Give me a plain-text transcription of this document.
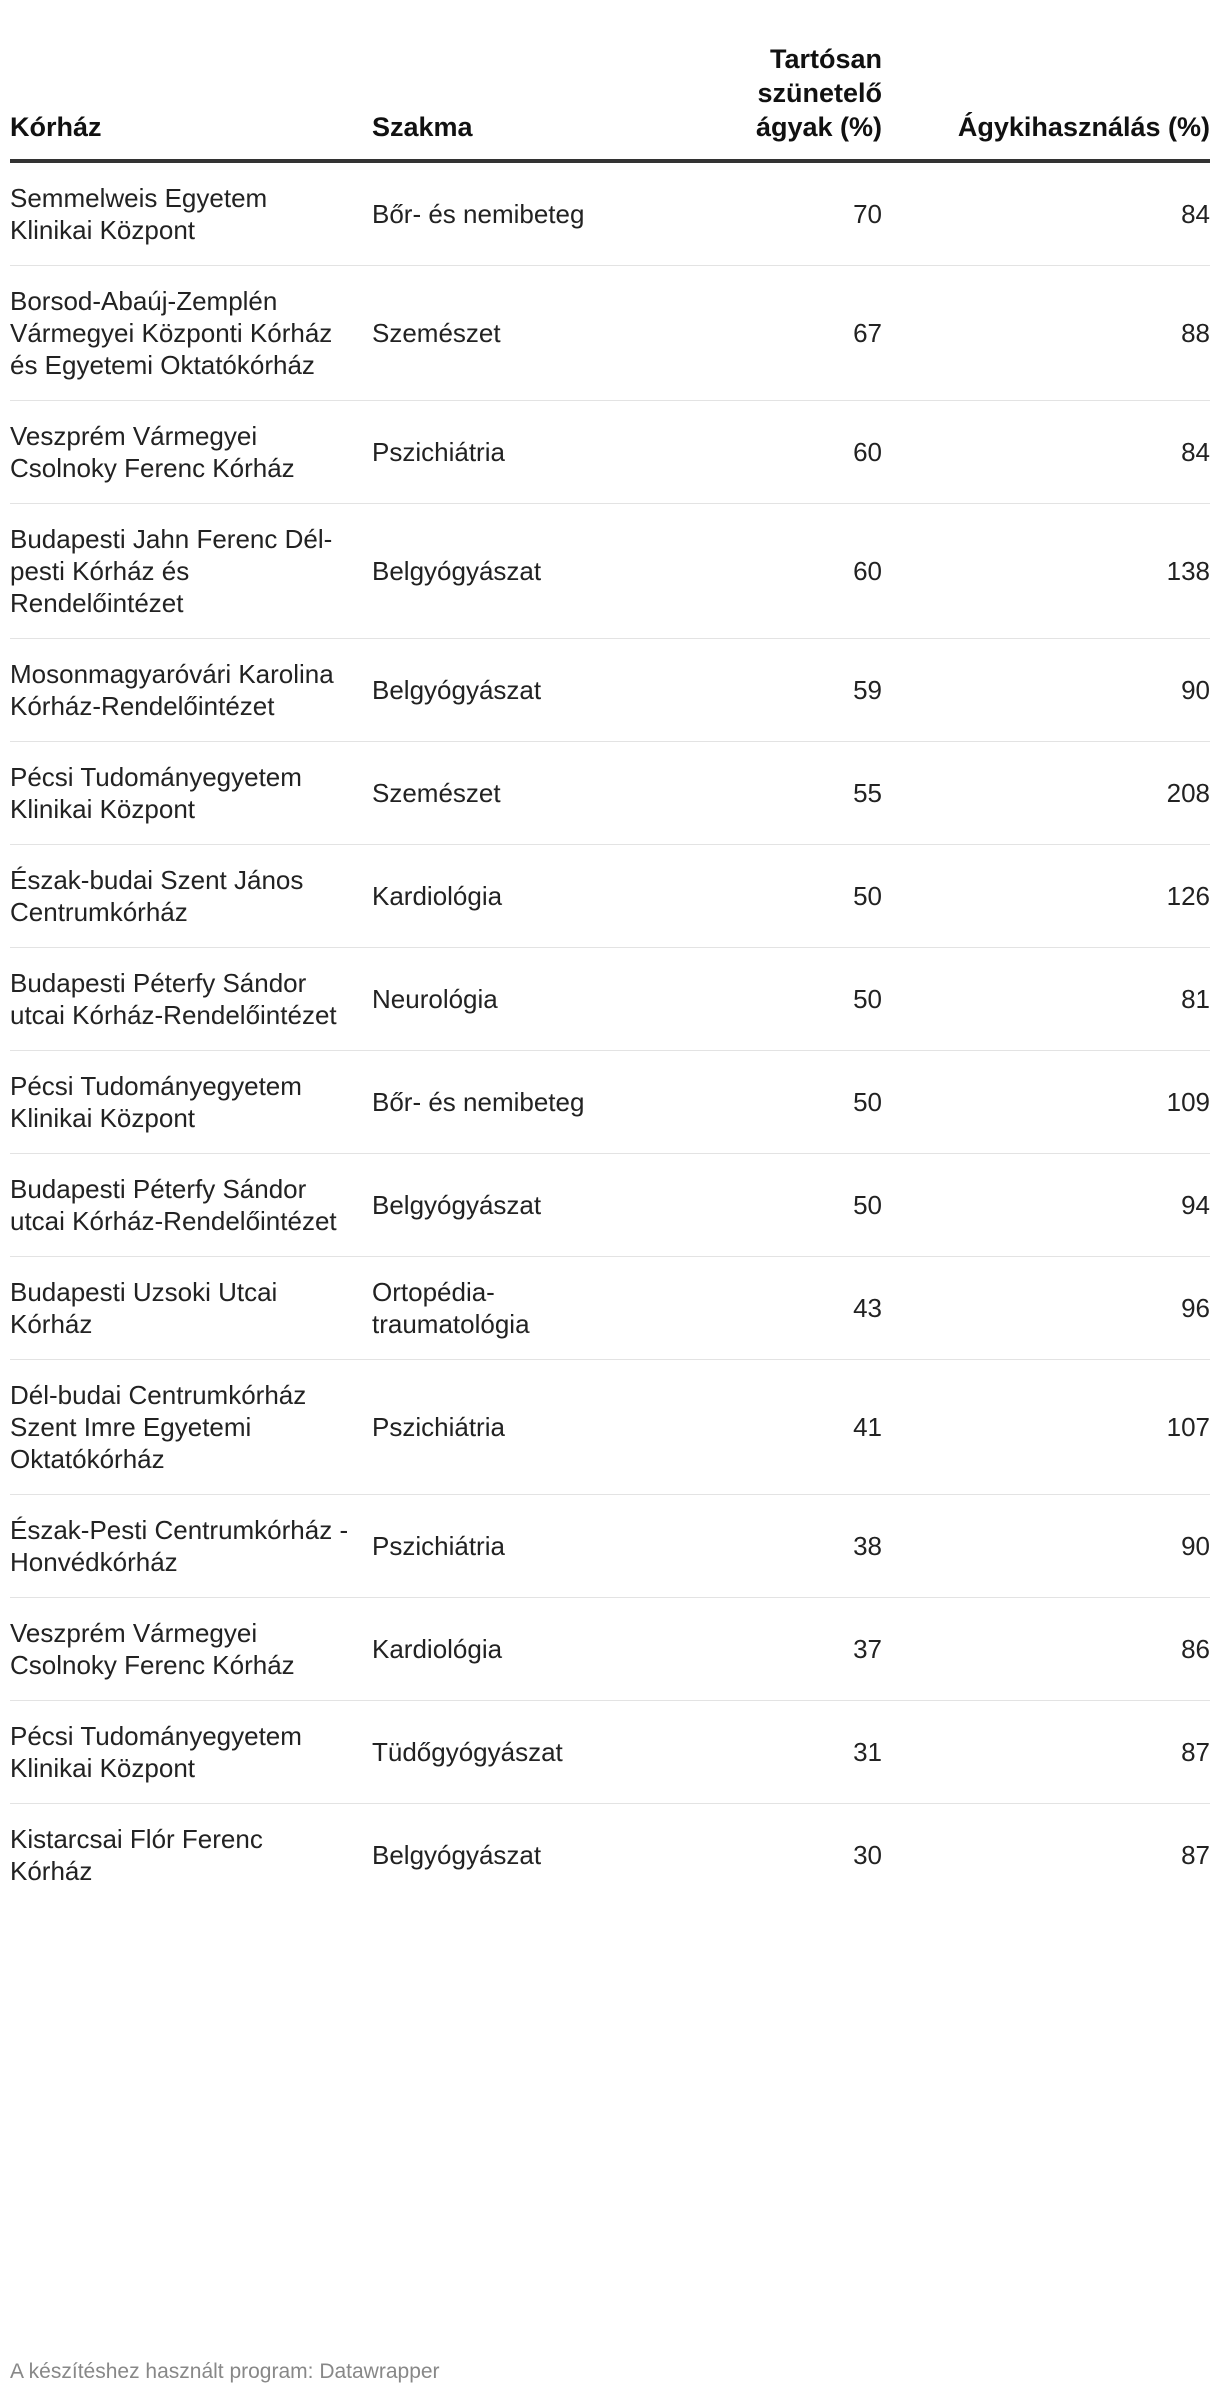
Kórház	Szakma	Tartósan szünetelő ágyak (%)	Ágykihasználás (%)
Semmelweis Egyetem Klinikai Központ	Bőr- és nemibeteg	70	84
Borsod-Abaúj-Zemplén Vármegyei Központi Kórház és Egyetemi Oktatókórház	Szemészet	67	88
Veszprém Vármegyei Csolnoky Ferenc Kórház	Pszichiátria	60	84
Budapesti Jahn Ferenc Dél-pesti Kórház és Rendelőintézet	Belgyógyászat	60	138
Mosonmagyaróvári Karolina Kórház-Rendelőintézet	Belgyógyászat	59	90
Pécsi Tudományegyetem Klinikai Központ	Szemészet	55	208
Észak-budai Szent János Centrumkórház	Kardiológia	50	126
Budapesti Péterfy Sándor utcai Kórház-Rendelőintézet	Neurológia	50	81
Pécsi Tudományegyetem Klinikai Központ	Bőr- és nemibeteg	50	109
Budapesti Péterfy Sándor utcai Kórház-Rendelőintézet	Belgyógyászat	50	94
Budapesti Uzsoki Utcai Kórház	Ortopédia-traumatológia	43	96
Dél-budai Centrumkórház Szent Imre Egyetemi Oktatókórház	Pszichiátria	41	107
Észak-Pesti Centrumkórház - Honvédkórház	Pszichiátria	38	90
Veszprém Vármegyei Csolnoky Ferenc Kórház	Kardiológia	37	86
Pécsi Tudományegyetem Klinikai Központ	Tüdőgyógyászat	31	87
Kistarcsai Flór Ferenc Kórház	Belgyógyászat	30	87
A készítéshez használt program: Datawrapper
